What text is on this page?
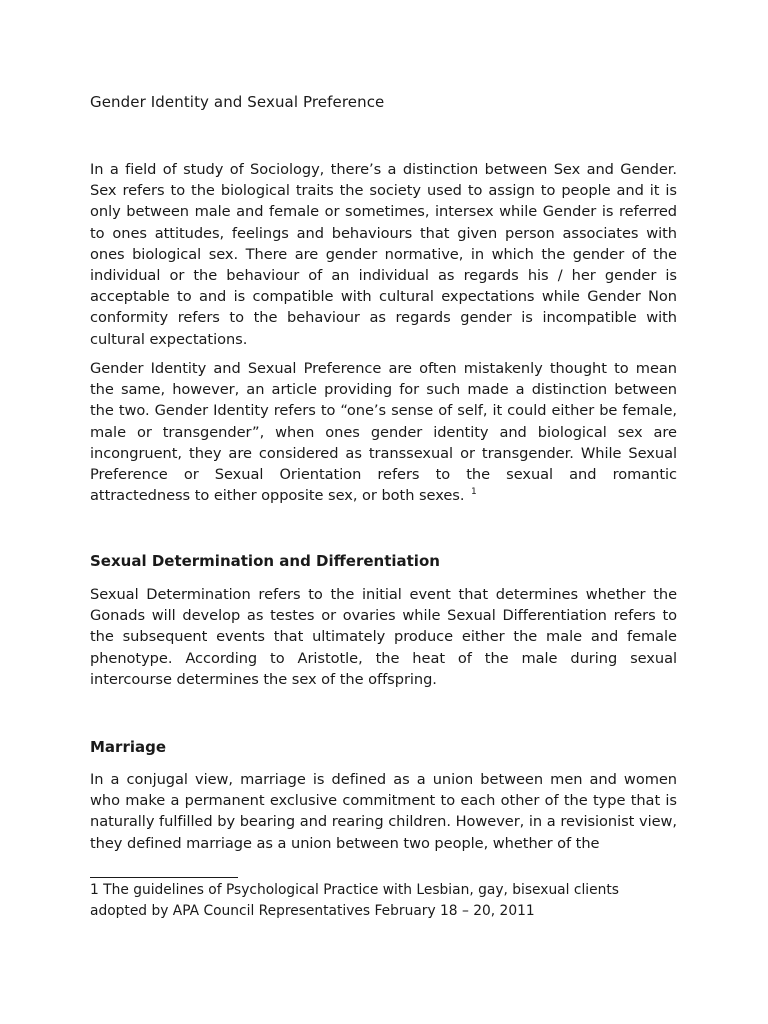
Gender Identity and Sexual Preference

In a field of study of Sociology, there’s a distinction between Sex and Gender. Sex refers to the biological traits the society used to assign to people and it is only between male and female or sometimes, intersex while Gender is referred to ones attitudes, feelings and behaviours that given person associates with ones biological sex. There are gender normative, in which the gender of the individual or the behaviour of an individual as regards his / her gender is acceptable to and is compatible with cultural expectations while Gender Non conformity refers to the behaviour as regards gender is incompatible with cultural expectations.

Gender Identity and Sexual Preference are often mistakenly thought to mean the same, however, an article providing for such made a distinction between the two. Gender Identity refers to “one’s sense of self, it could either be female, male or transgender”, when ones gender identity and biological sex are incongruent, they are considered as transsexual or transgender. While Sexual Preference or Sexual Orientation refers to the sexual and romantic attractedness to either opposite sex, or both sexes. $^1$

Sexual Determination and Differentiation

Sexual Determination refers to the initial event that determines whether the Gonads will develop as testes or ovaries while Sexual Differentiation refers to the subsequent events that ultimately produce either the male and female phenotype. According to Aristotle, the heat of the male during sexual intercourse determines the sex of the offspring.

Marriage

In a conjugal view, marriage is defined as a union between men and women who make a permanent exclusive commitment to each other of the type that is naturally fulfilled by bearing and rearing children. However, in a revisionist view, they defined marriage as a union between two people, whether of the

1 The guidelines of Psychological Practice with Lesbian, gay, bisexual clients
adopted by APA Council Representatives February 18 – 20, 2011
